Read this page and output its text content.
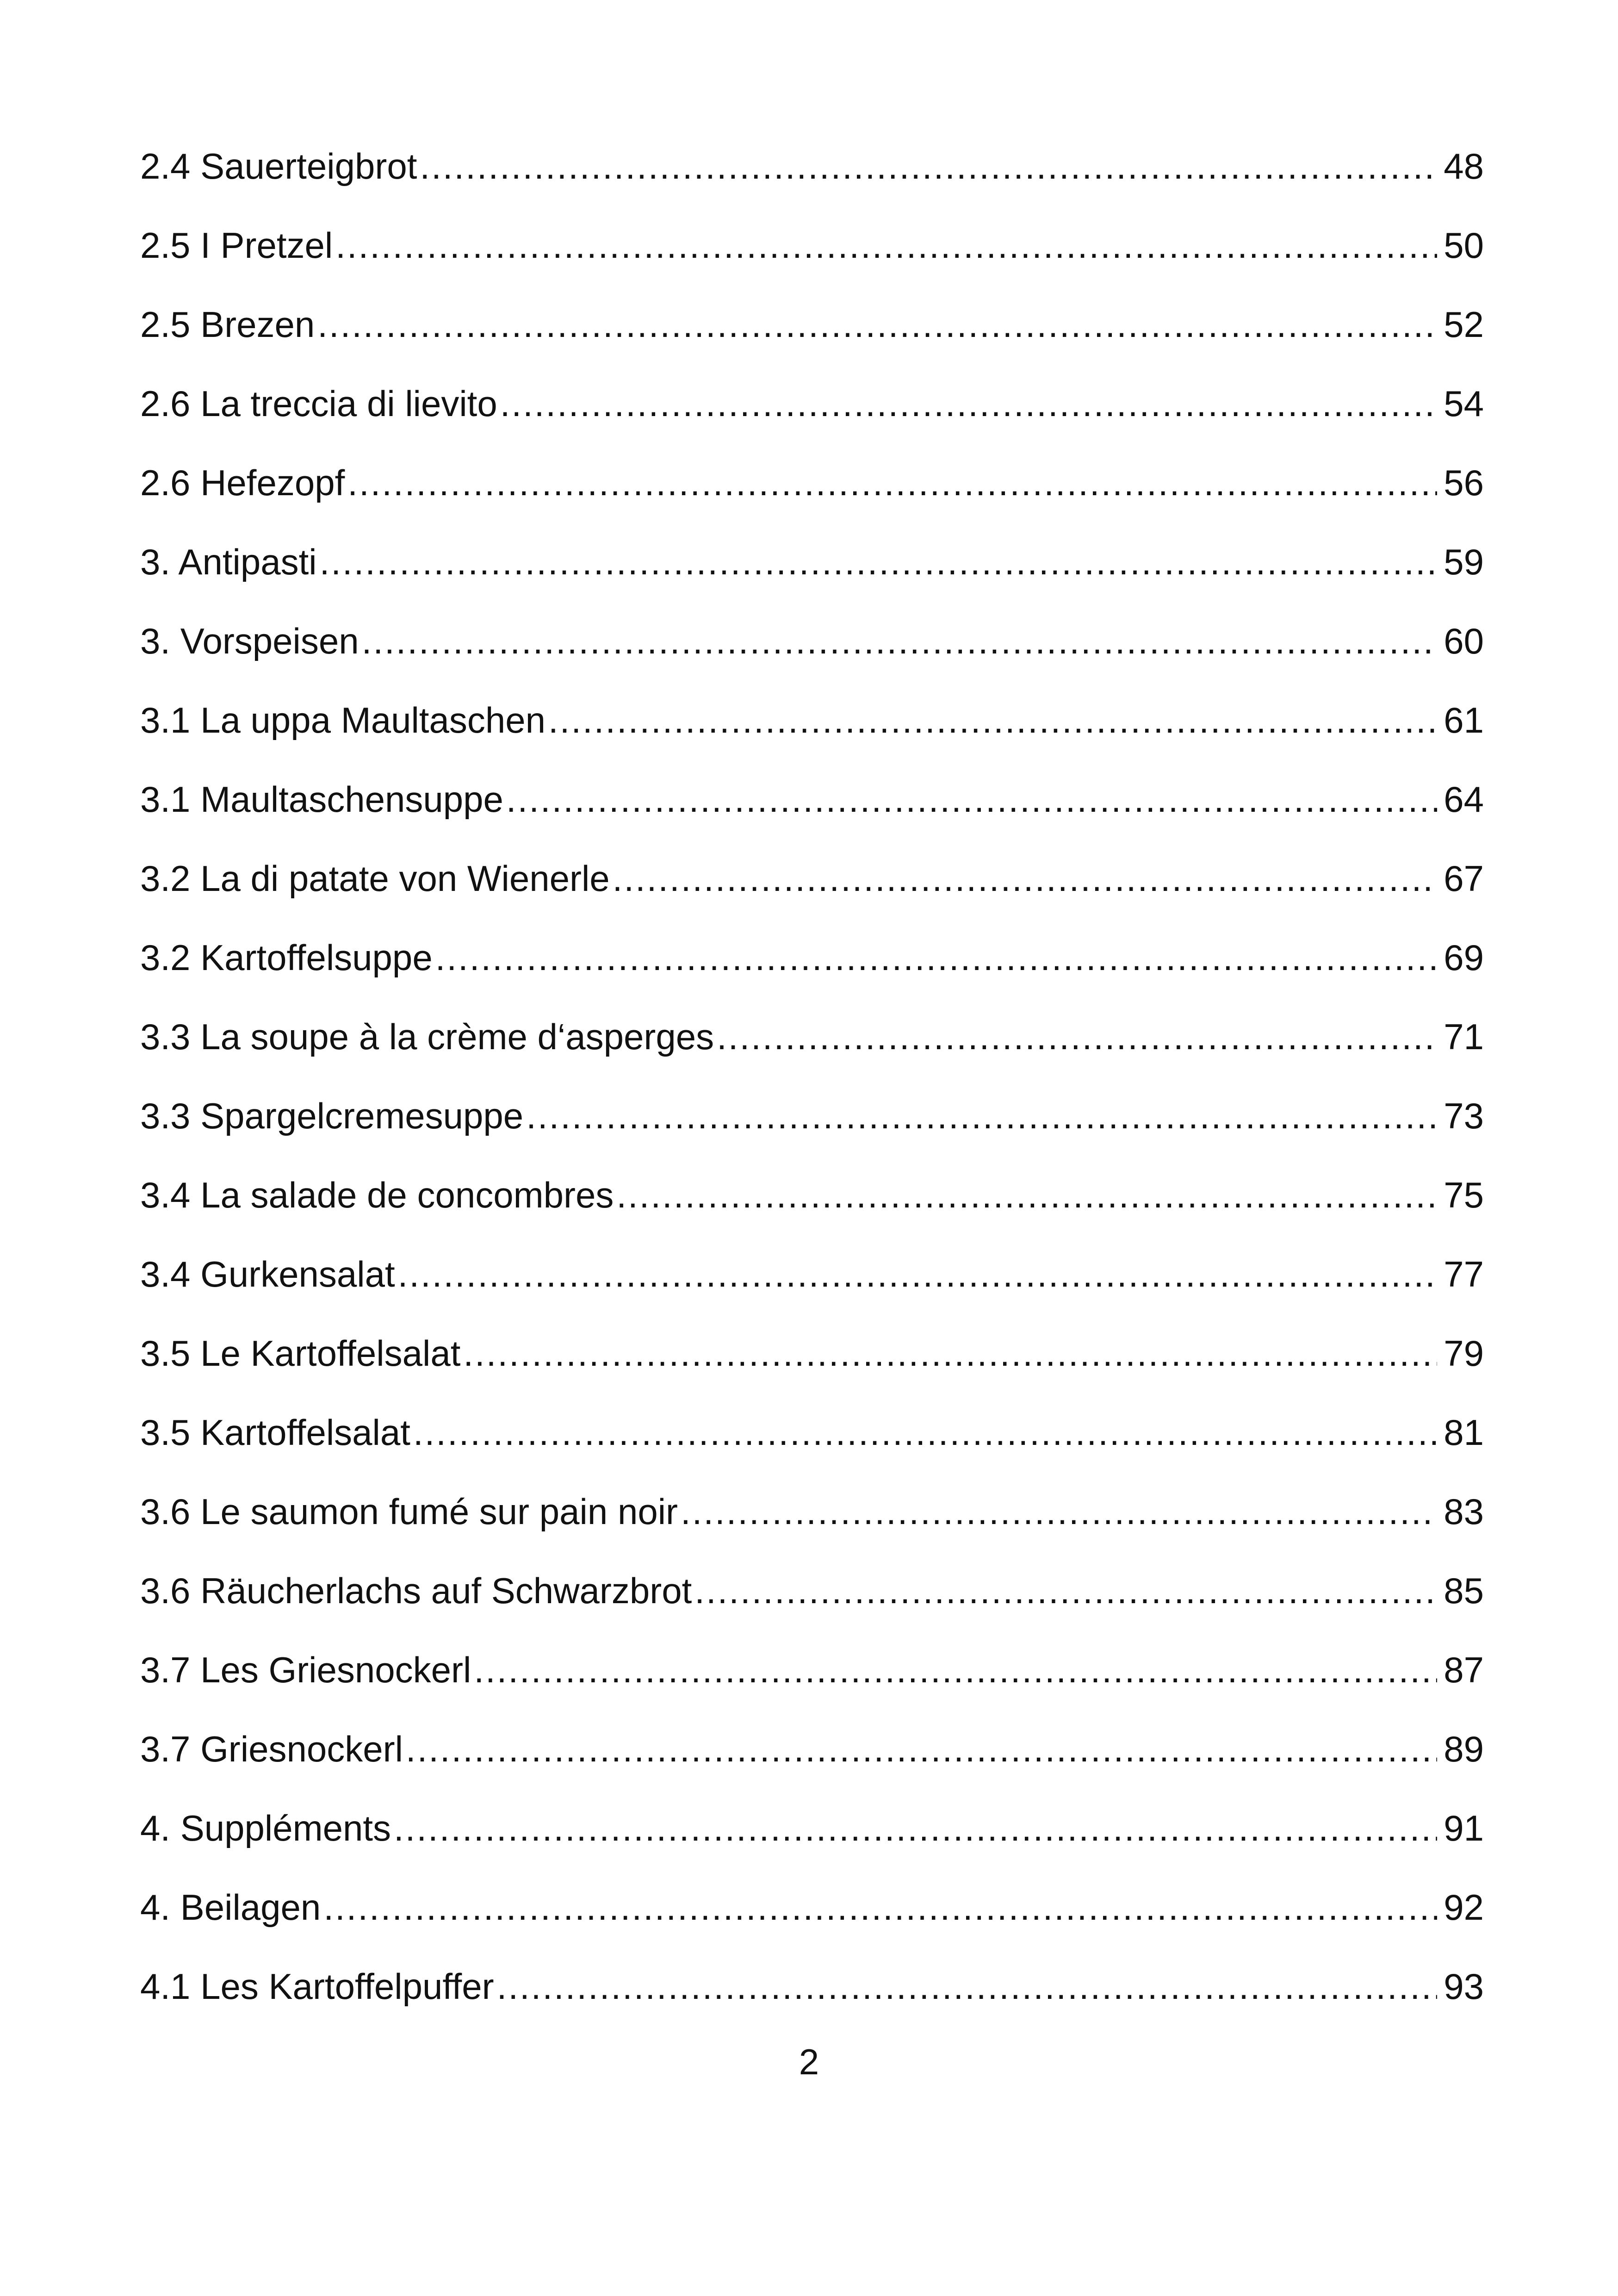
2.4 Sauerteigbrot .....	48
2.5 I Pretzel .....	50
2.5 Brezen .....	52
2.6 La treccia di lievito .....	54
2.6 Hefezopf .....	56
3. Antipasti .....	59
3. Vorspeisen .....	60
3.1 La uppa Maultaschen .....	61
3.1 Maultaschensuppe .....	64
3.2 La di patate von Wienerle .....	67
3.2 Kartoffelsuppe .....	69
3.3 La soupe à la crème d‘asperges .....	71
3.3 Spargelcremesuppe .....	73
3.4 La salade de concombres .....	75
3.4 Gurkensalat .....	77
3.5 Le Kartoffelsalat .....	79
3.5 Kartoffelsalat .....	81
3.6 Le saumon fumé sur pain noir .....	83
3.6 Räucherlachs auf Schwarzbrot .....	85
3.7 Les Griesnockerl .....	87
3.7 Griesnockerl .....	89
4. Suppléments .....	91
4. Beilagen .....	92
4.1 Les Kartoffelpuffer .....	93
2
